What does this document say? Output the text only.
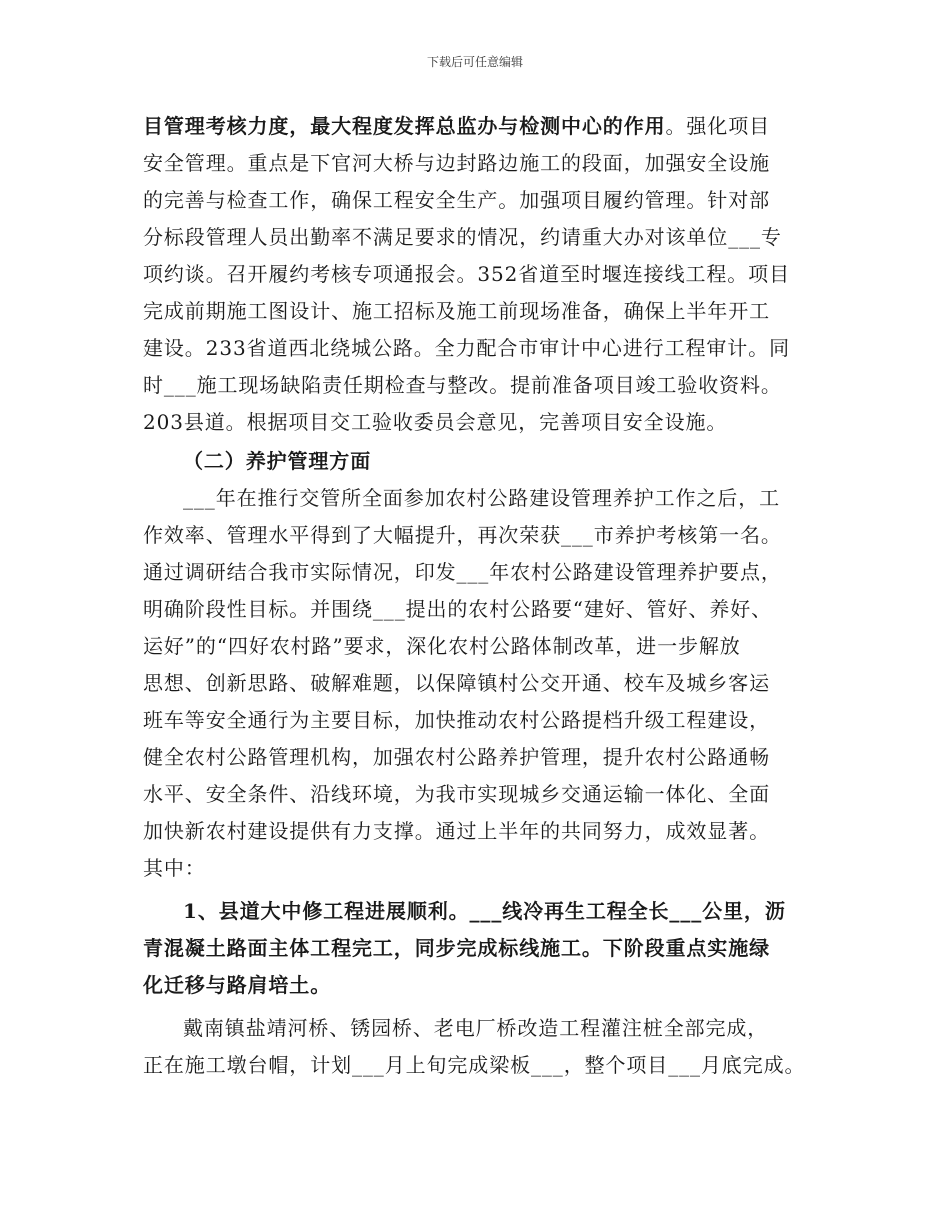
下载后可任意编辑
目管理考核力度，最大程度发挥总监办与检测中心的作用。强化项目
安全管理。重点是下官河大桥与边封路边施工的段面，加强安全设施
的完善与检查工作，确保工程安全生产。加强项目履约管理。针对部
分标段管理人员出勤率不满足要求的情况，约请重大办对该单位___专
项约谈。召开履约考核专项通报会。352省道至时堰连接线工程。项目
完成前期施工图设计、施工招标及施工前现场准备，确保上半年开工
建设。233省道西北绕城公路。全力配合市审计中心进行工程审计。同
时___施工现场缺陷责任期检查与整改。提前准备项目竣工验收资料。
203县道。根据项目交工验收委员会意见，完善项目安全设施。
（二）养护管理方面
___年在推行交管所全面参加农村公路建设管理养护工作之后，工
作效率、管理水平得到了大幅提升，再次荣获___市养护考核第一名。
通过调研结合我市实际情况，印发___年农村公路建设管理养护要点，
明确阶段性目标。并围绕___提出的农村公路要“建好、管好、养好、
运好”的“四好农村路”要求，深化农村公路体制改革，进一步解放
思想、创新思路、破解难题，以保障镇村公交开通、校车及城乡客运
班车等安全通行为主要目标，加快推动农村公路提档升级工程建设，
健全农村公路管理机构，加强农村公路养护管理，提升农村公路通畅
水平、安全条件、沿线环境，为我市实现城乡交通运输一体化、全面
加快新农村建设提供有力支撑。通过上半年的共同努力，成效显著。
其中：
1、县道大中修工程进展顺利。___线冷再生工程全长___公里，沥
青混凝土路面主体工程完工，同步完成标线施工。下阶段重点实施绿
化迁移与路肩培土。
戴南镇盐靖河桥、锈园桥、老电厂桥改造工程灌注桩全部完成，
正在施工墩台帽，计划___月上旬完成梁板___，整个项目___月底完成。
